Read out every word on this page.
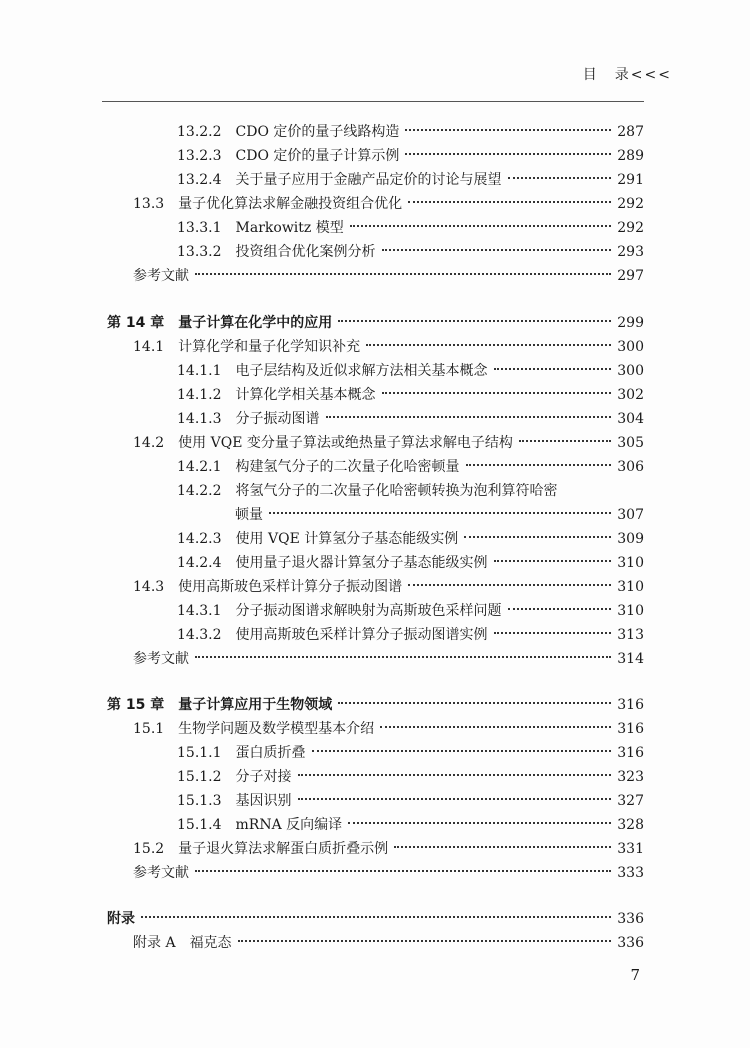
目　录<<<
13.2.2 CDO 定价的量子线路构造	287
13.2.3 CDO 定价的量子计算示例	289
13.2.4 关于量子应用于金融产品定价的讨论与展望	291
13.3 量子优化算法求解金融投资组合优化	292
13.3.1 Markowitz 模型	292
13.3.2 投资组合优化案例分析	293
参考文献	297
第 14 章 量子计算在化学中的应用	299
14.1 计算化学和量子化学知识补充	300
14.1.1 电子层结构及近似求解方法相关基本概念	300
14.1.2 计算化学相关基本概念	302
14.1.3 分子振动图谱	304
14.2 使用 VQE 变分量子算法或绝热量子算法求解电子结构	305
14.2.1 构建氢气分子的二次量子化哈密顿量	306
14.2.2 将氢气分子的二次量子化哈密顿转换为泡利算符哈密
顿量	307
14.2.3 使用 VQE 计算氢分子基态能级实例	309
14.2.4 使用量子退火器计算氢分子基态能级实例	310
14.3 使用高斯玻色采样计算分子振动图谱	310
14.3.1 分子振动图谱求解映射为高斯玻色采样问题	310
14.3.2 使用高斯玻色采样计算分子振动图谱实例	313
参考文献	314
第 15 章 量子计算应用于生物领域	316
15.1 生物学问题及数学模型基本介绍	316
15.1.1 蛋白质折叠	316
15.1.2 分子对接	323
15.1.3 基因识别	327
15.1.4 mRNA 反向编译	328
15.2 量子退火算法求解蛋白质折叠示例	331
参考文献	333
附录	336
附录 A 福克态	336
7
